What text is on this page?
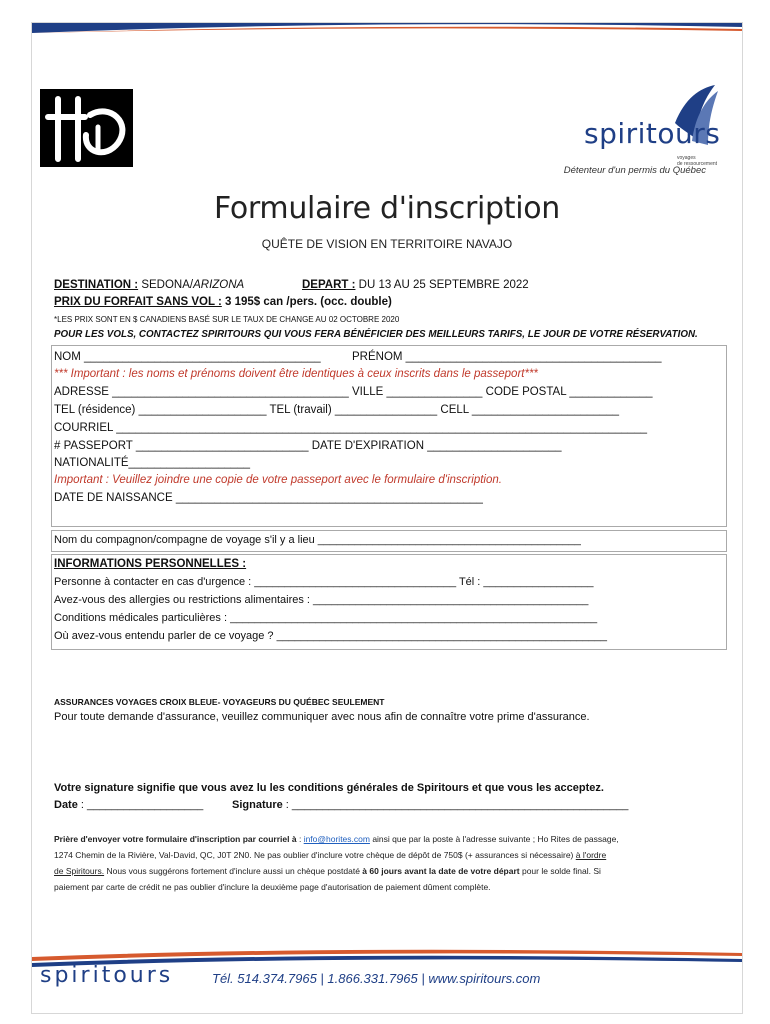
spiritours
voyages
de ressourcement
Détenteur d'un permis du Québec
Formulaire d'inscription
QUÊTE DE VISION EN TERRITOIRE NAVAJO
DESTINATION : SEDONA/ARIZONA	DEPART : DU 13 AU 25 SEPTEMBRE 2022
PRIX DU FORFAIT SANS VOL : 3 195$ can /pers. (occ. double)
*LES PRIX SONT EN $ CANADIENS BASÉ SUR LE TAUX DE CHANGE AU 02 OCTOBRE 2020
POUR LES VOLS, CONTACTEZ SPIRITOURS QUI VOUS FERA BÉNÉFICIER DES MEILLEURS TARIFS, LE JOUR DE VOTRE RÉSERVATION.
NOM _____________________________________	PRÉNOM ________________________________________
*** Important : les noms et prénoms doivent être identiques à ceux inscrits dans le passeport***
ADRESSE _____________________________________ VILLE _______________ CODE POSTAL _____________
TEL (résidence) ____________________ TEL (travail) ________________ CELL _______________________
COURRIEL ___________________________________________________________________________________
# PASSEPORT ___________________________ DATE D'EXPIRATION _____________________
NATIONALITÉ___________________
Important : Veuillez joindre une copie de votre passeport avec le formulaire d'inscription.
DATE DE NAISSANCE ________________________________________________
Nom du compagnon/compagne de voyage s'il y a lieu ___________________________________________
INFORMATIONS PERSONNELLES :
Personne à contacter en cas d'urgence : _________________________________ Tél : __________________
Avez-vous des allergies ou restrictions alimentaires : _____________________________________________
Conditions médicales particulières : ____________________________________________________________
Où avez-vous entendu parler de ce voyage ? ______________________________________________________
ASSURANCES VOYAGES CROIX BLEUE- VOYAGEURS DU QUÉBEC SEULEMENT
Pour toute demande d'assurance, veuillez communiquer avec nous afin de connaître votre prime d'assurance.
Votre signature signifie que vous avez lu les conditions générales de Spiritours et que vous les acceptez.
Date : ___________________	Signature : _______________________________________________________
Prière d'envoyer votre formulaire d'inscription par courriel à : info@horites.com ainsi que par la poste à l'adresse suivante ; Ho Rites de passage,
1274 Chemin de la Rivière, Val-David, QC, J0T 2N0. Ne pas oublier d'inclure votre chèque de dépôt de 750$ (+ assurances si nécessaire) à l'ordre
de Spiritours. Nous vous suggérons fortement d'inclure aussi un chèque postdaté à 60 jours avant la date de votre départ pour le solde final. Si
paiement par carte de crédit ne pas oublier d'inclure la deuxième page d'autorisation de paiement dûment complète.
spiritours	Tél. 514.374.7965 | 1.866.331.7965 | www.spiritours.com
